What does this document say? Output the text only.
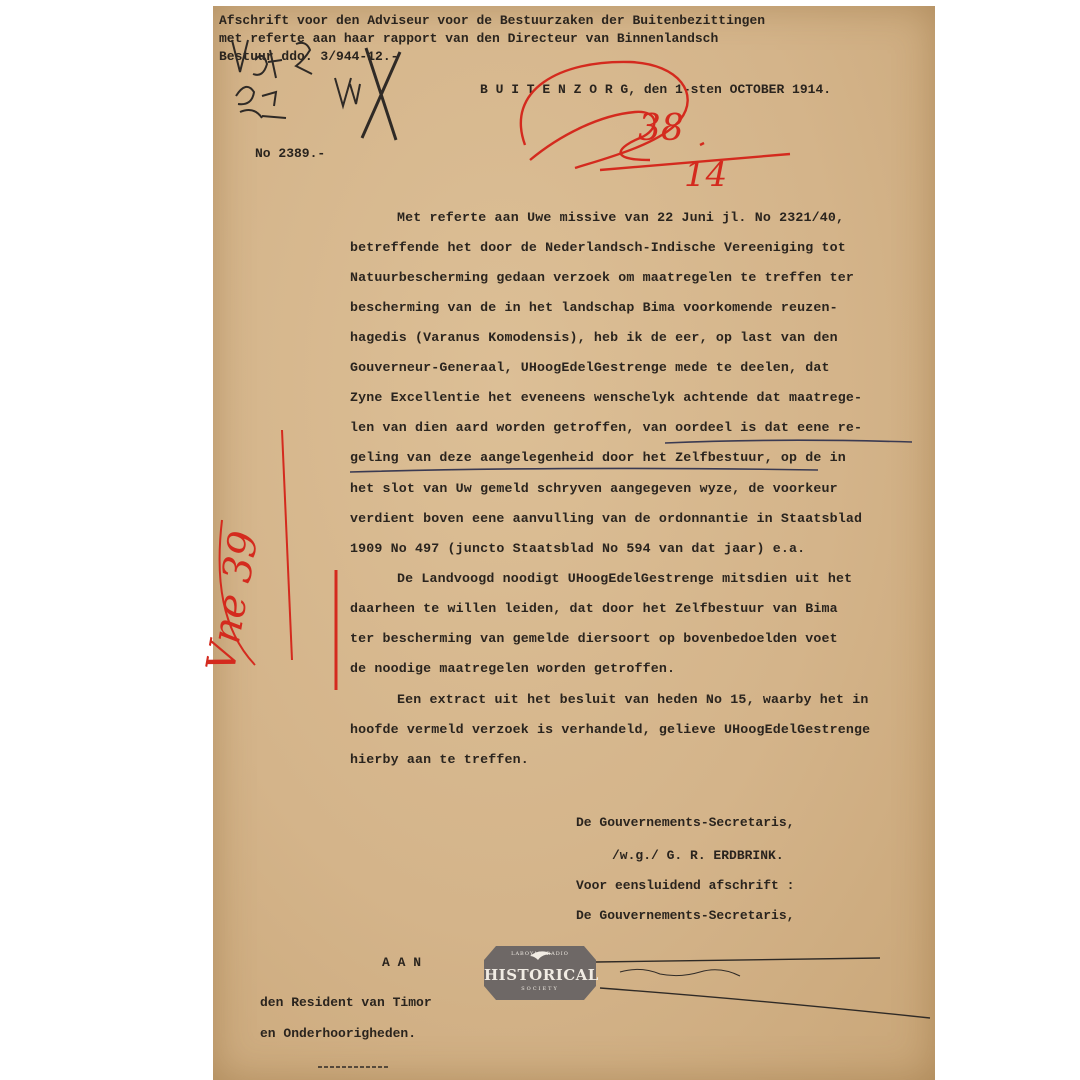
Afschrift voor den Adviseur voor de Bestuurzaken der Buitenbezittingen
met referte aan haar rapport van den Directeur van Binnenlandsch
Bestuur ddo. 3/944-12.-
B U I T E N Z O R G, den 1-sten OCTOBER 1914.
No 2389.-
Met referte aan Uwe missive van 22 Juni jl. No 2321/40,
betreffende het door de Nederlandsch-Indische Vereeniging tot
Natuurbescherming gedaan verzoek om maatregelen te treffen ter
bescherming van de in het landschap Bima voorkomende reuzen-
hagedis (Varanus Komodensis), heb ik de eer, op last van den
Gouverneur-Generaal, UHoogEdelGestrenge mede te deelen, dat
Zyne Excellentie het eveneens wenschelyk achtende dat maatrege-
len van dien aard worden getroffen, van oordeel is dat eene re-
geling van deze aangelegenheid door het Zelfbestuur, op de in
het slot van Uw gemeld schryven aangegeven wyze, de voorkeur
verdient boven eene aanvulling van de ordonnantie in Staatsblad
1909 No 497 (juncto Staatsblad No 594 van dat jaar) e.a.
De Landvoogd noodigt UHoogEdelGestrenge mitsdien uit het
daarheen te willen leiden, dat door het Zelfbestuur van Bima
ter bescherming van gemelde diersoort op bovenbedoelden voet
de noodige maatregelen worden getroffen.
Een extract uit het besluit van heden No 15, waarby het in
hoofde vermeld verzoek is verhandeld, gelieve UHoogEdelGestrenge
hierby aan te treffen.
De Gouvernements-Secretaris,
/w.g./ G. R. ERDBRINK.
Voor eensluidend afschrift :
De Gouvernements-Secretaris,
A A N
den Resident van Timor
en Onderhoorigheden.
38
14
Vne 39
LABOYAN RADIO
HISTORICAL
SOCIETY
